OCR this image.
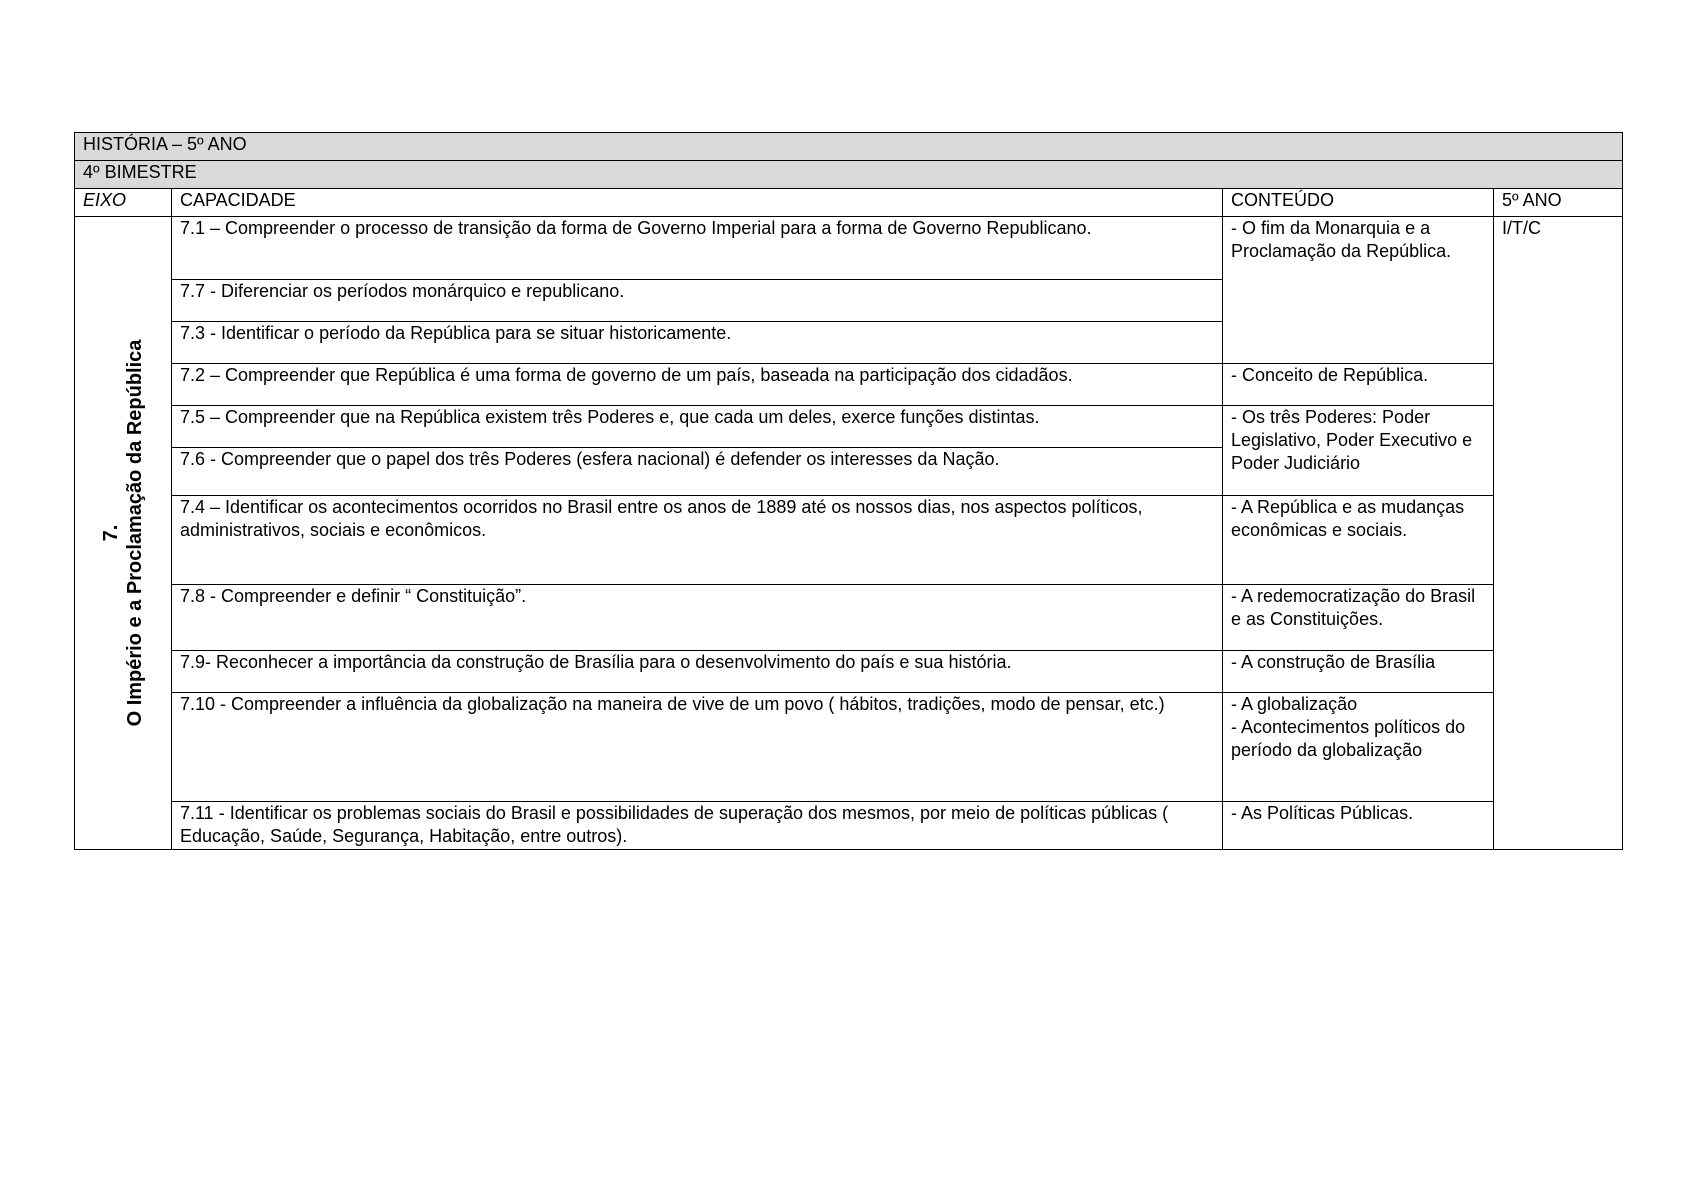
HISTÓRIA – 5º ANO			
4º BIMESTRE			
EIXO	CAPACIDADE	CONTEÚDO	5º ANO

7. O Império e a Proclamação da República	7.1 – Compreender o processo de transição da forma de Governo Imperial para a forma de Governo Republicano.	- O fim da Monarquia e a Proclamação da República.	I/T/C
	7.7 - Diferenciar os períodos monárquico e republicano.		
	7.3 - Identificar o período da República para se situar historicamente.		
	7.2 – Compreender que República é uma forma de governo de um país, baseada na participação dos cidadãos.	- Conceito de República.	
	7.5 – Compreender que na República existem três Poderes e, que cada um deles, exerce funções distintas.	- Os três Poderes: Poder Legislativo, Poder Executivo e Poder Judiciário	
	7.6 - Compreender que o papel dos três Poderes (esfera nacional) é defender os interesses da Nação.		
	7.4 – Identificar os acontecimentos ocorridos no Brasil entre os anos de 1889 até os nossos dias, nos aspectos políticos, administrativos, sociais e econômicos.	- A República e as mudanças econômicas e sociais.	
	7.8 - Compreender e definir “ Constituição”.	- A redemocratização do Brasil e as Constituições.	
	7.9- Reconhecer a importância da construção de Brasília para o desenvolvimento do país e sua história.	- A construção de Brasília	
	7.10 - Compreender a influência da globalização na maneira de vive de um povo ( hábitos, tradições, modo de pensar, etc.)	- A globalização
- Acontecimentos políticos do período da globalização	

	7.11 - Identificar os problemas sociais do Brasil e possibilidades de superação dos mesmos, por meio de políticas públicas ( Educação, Saúde, Segurança, Habitação, entre outros).	- As Políticas Públicas.	
